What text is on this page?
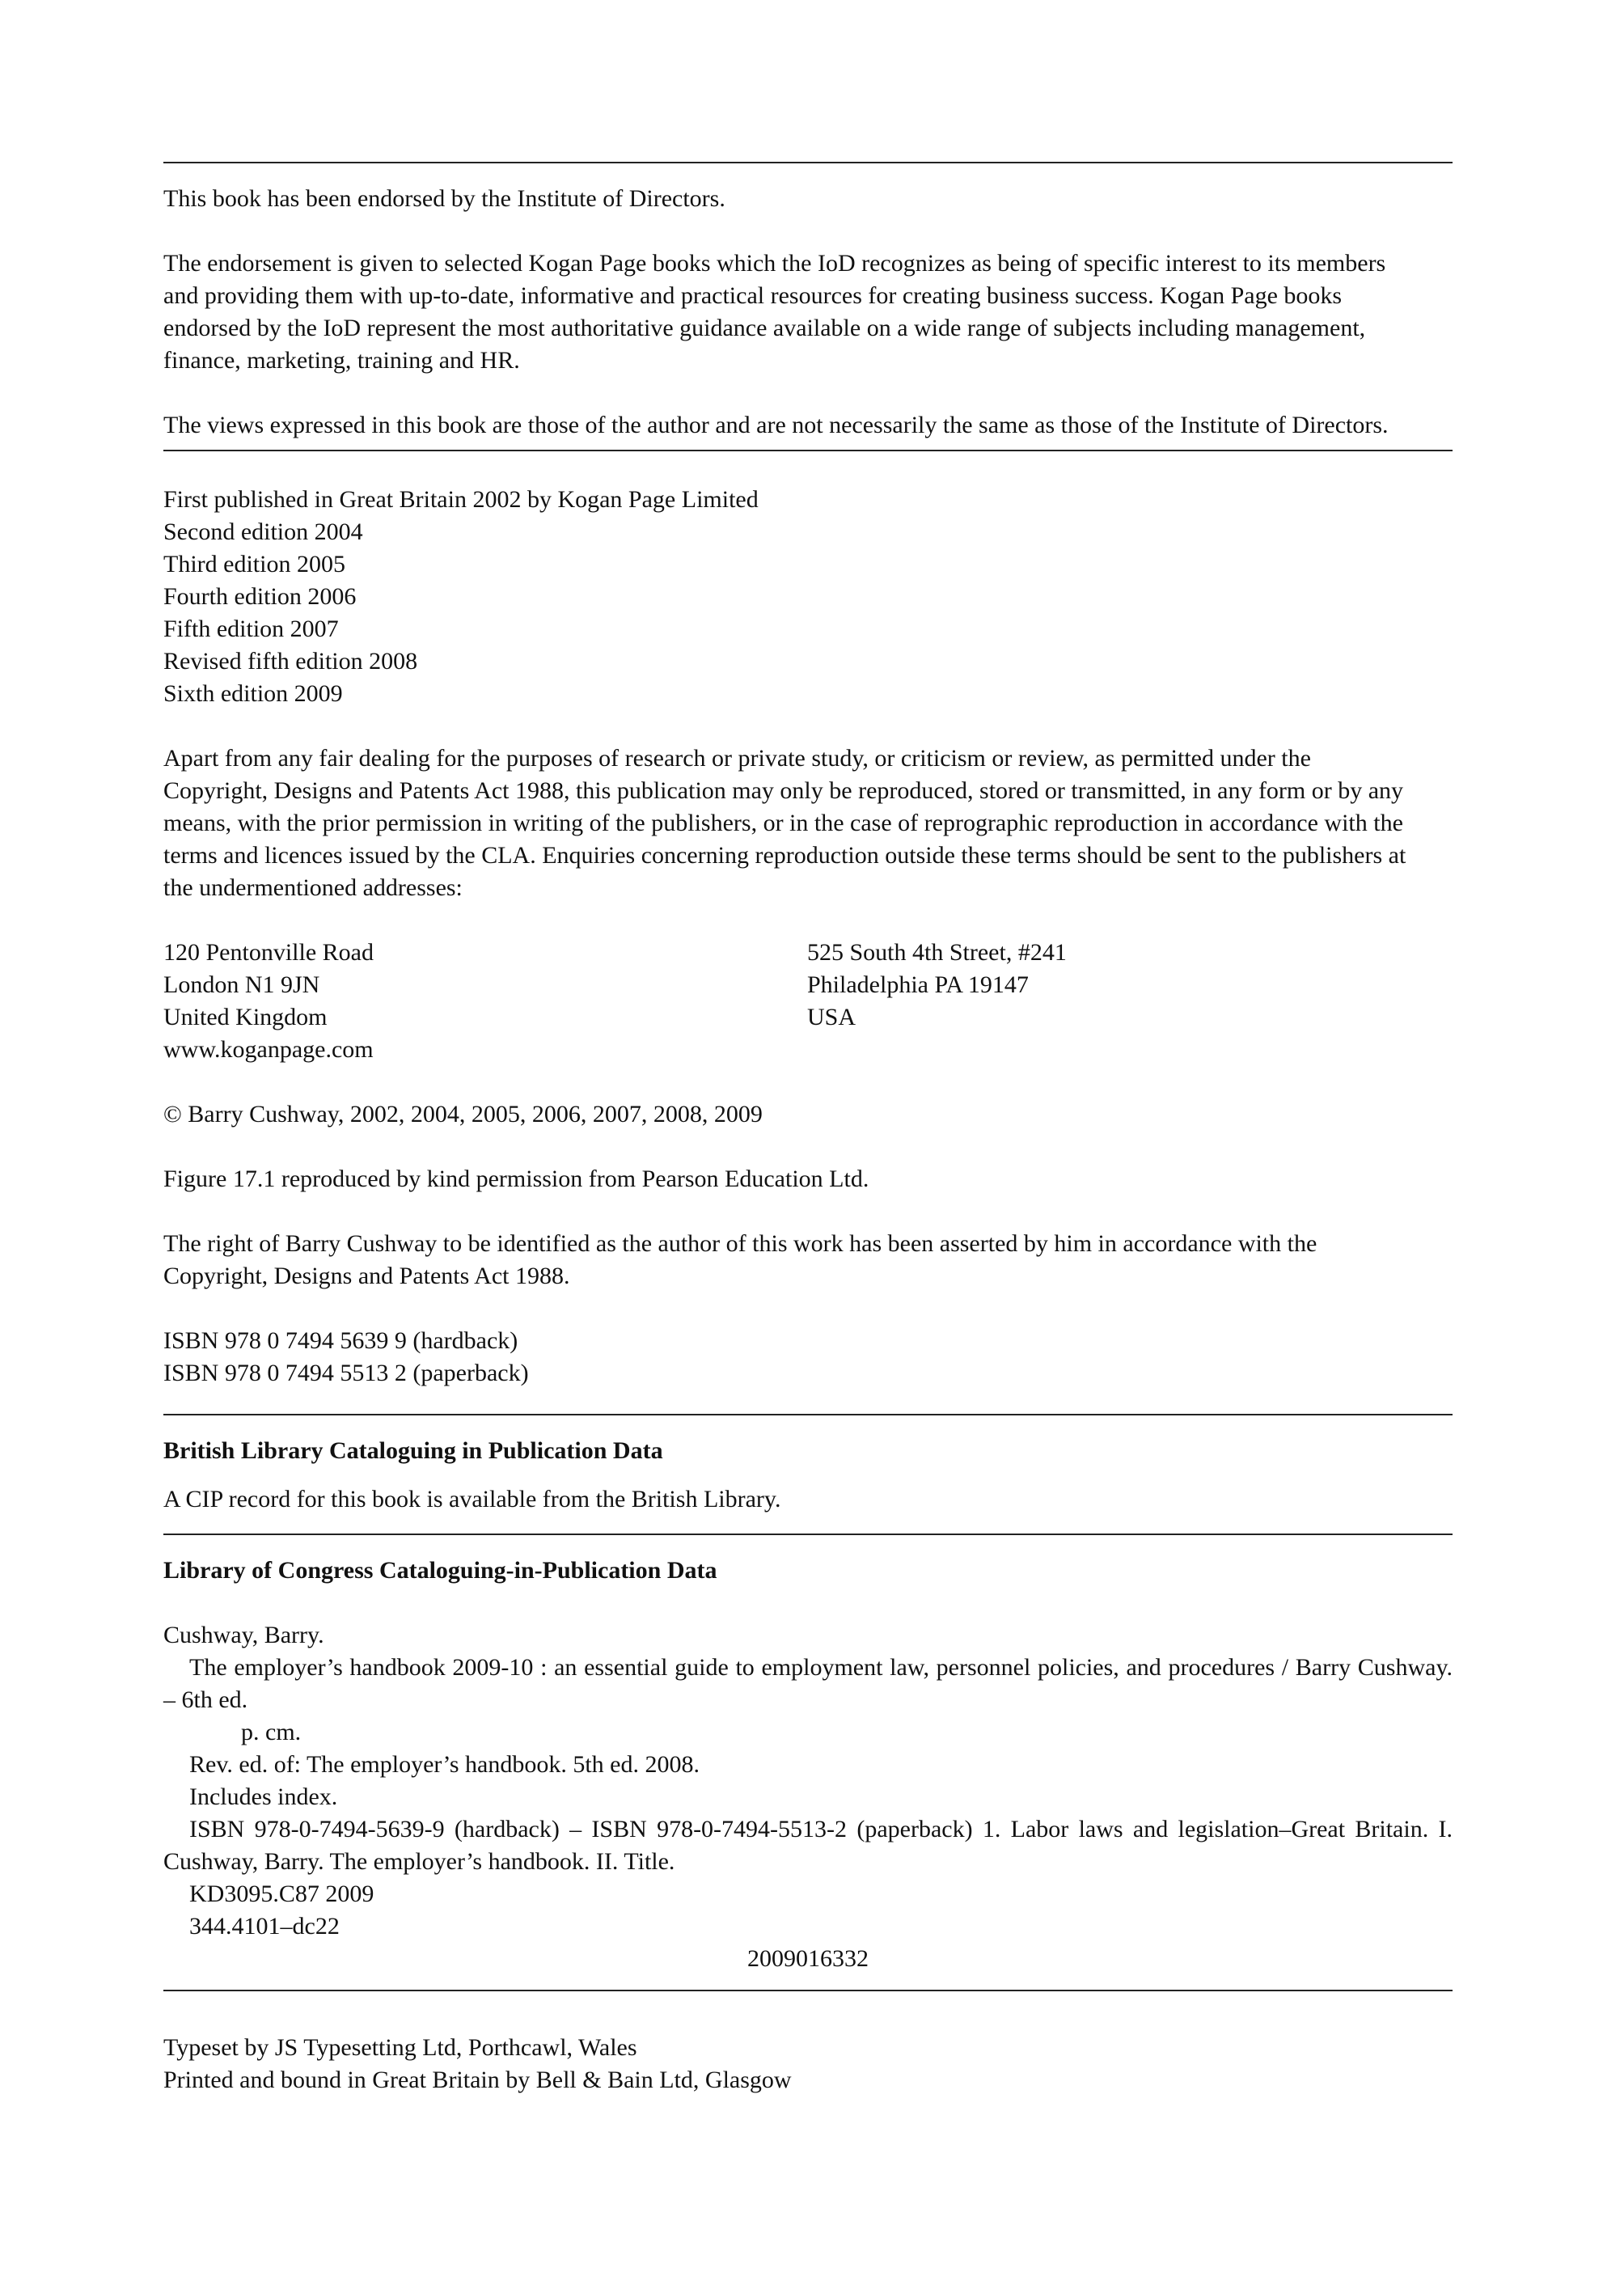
This book has been endorsed by the Institute of Directors.

The endorsement is given to selected Kogan Page books which the IoD recognizes as being of specific interest to its members and providing them with up-to-date, informative and practical resources for creating business success. Kogan Page books endorsed by the IoD represent the most authoritative guidance available on a wide range of subjects including management, finance, marketing, training and HR.

The views expressed in this book are those of the author and are not necessarily the same as those of the Institute of Directors.

First published in Great Britain 2002 by Kogan Page Limited

Second edition 2004

Third edition 2005

Fourth edition 2006

Fifth edition 2007

Revised fifth edition 2008

Sixth edition 2009

Apart from any fair dealing for the purposes of research or private study, or criticism or review, as permitted under the Copyright, Designs and Patents Act 1988, this publication may only be reproduced, stored or transmitted, in any form or by any means, with the prior permission in writing of the publishers, or in the case of reprographic reproduction in accordance with the terms and licences issued by the CLA. Enquiries concerning reproduction outside these terms should be sent to the publishers at the undermentioned addresses:

120 Pentonville Road

London N1 9JN

United Kingdom

www.koganpage.com

525 South 4th Street, #241

Philadelphia PA 19147

USA

© Barry Cushway, 2002, 2004, 2005, 2006, 2007, 2008, 2009

Figure 17.1 reproduced by kind permission from Pearson Education Ltd.

The right of Barry Cushway to be identified as the author of this work has been asserted by him in accordance with the Copyright, Designs and Patents Act 1988.

ISBN 978 0 7494 5639 9 (hardback)

ISBN 978 0 7494 5513 2 (paperback)

British Library Cataloguing in Publication Data

A CIP record for this book is available from the British Library.

Library of Congress Cataloguing-in-Publication Data

Cushway, Barry.

The employer’s handbook 2009-10 : an essential guide to employment law, personnel policies, and procedures / Barry Cushway. – 6th ed.

p. cm.

Rev. ed. of: The employer’s handbook. 5th ed. 2008.

Includes index.

ISBN 978-0-7494-5639-9 (hardback) – ISBN 978-0-7494-5513-2 (paperback) 1. Labor laws and legislation–Great Britain. I. Cushway, Barry. The employer’s handbook. II. Title.

KD3095.C87 2009

344.4101–dc22

2009016332

Typeset by JS Typesetting Ltd, Porthcawl, Wales

Printed and bound in Great Britain by Bell & Bain Ltd, Glasgow
